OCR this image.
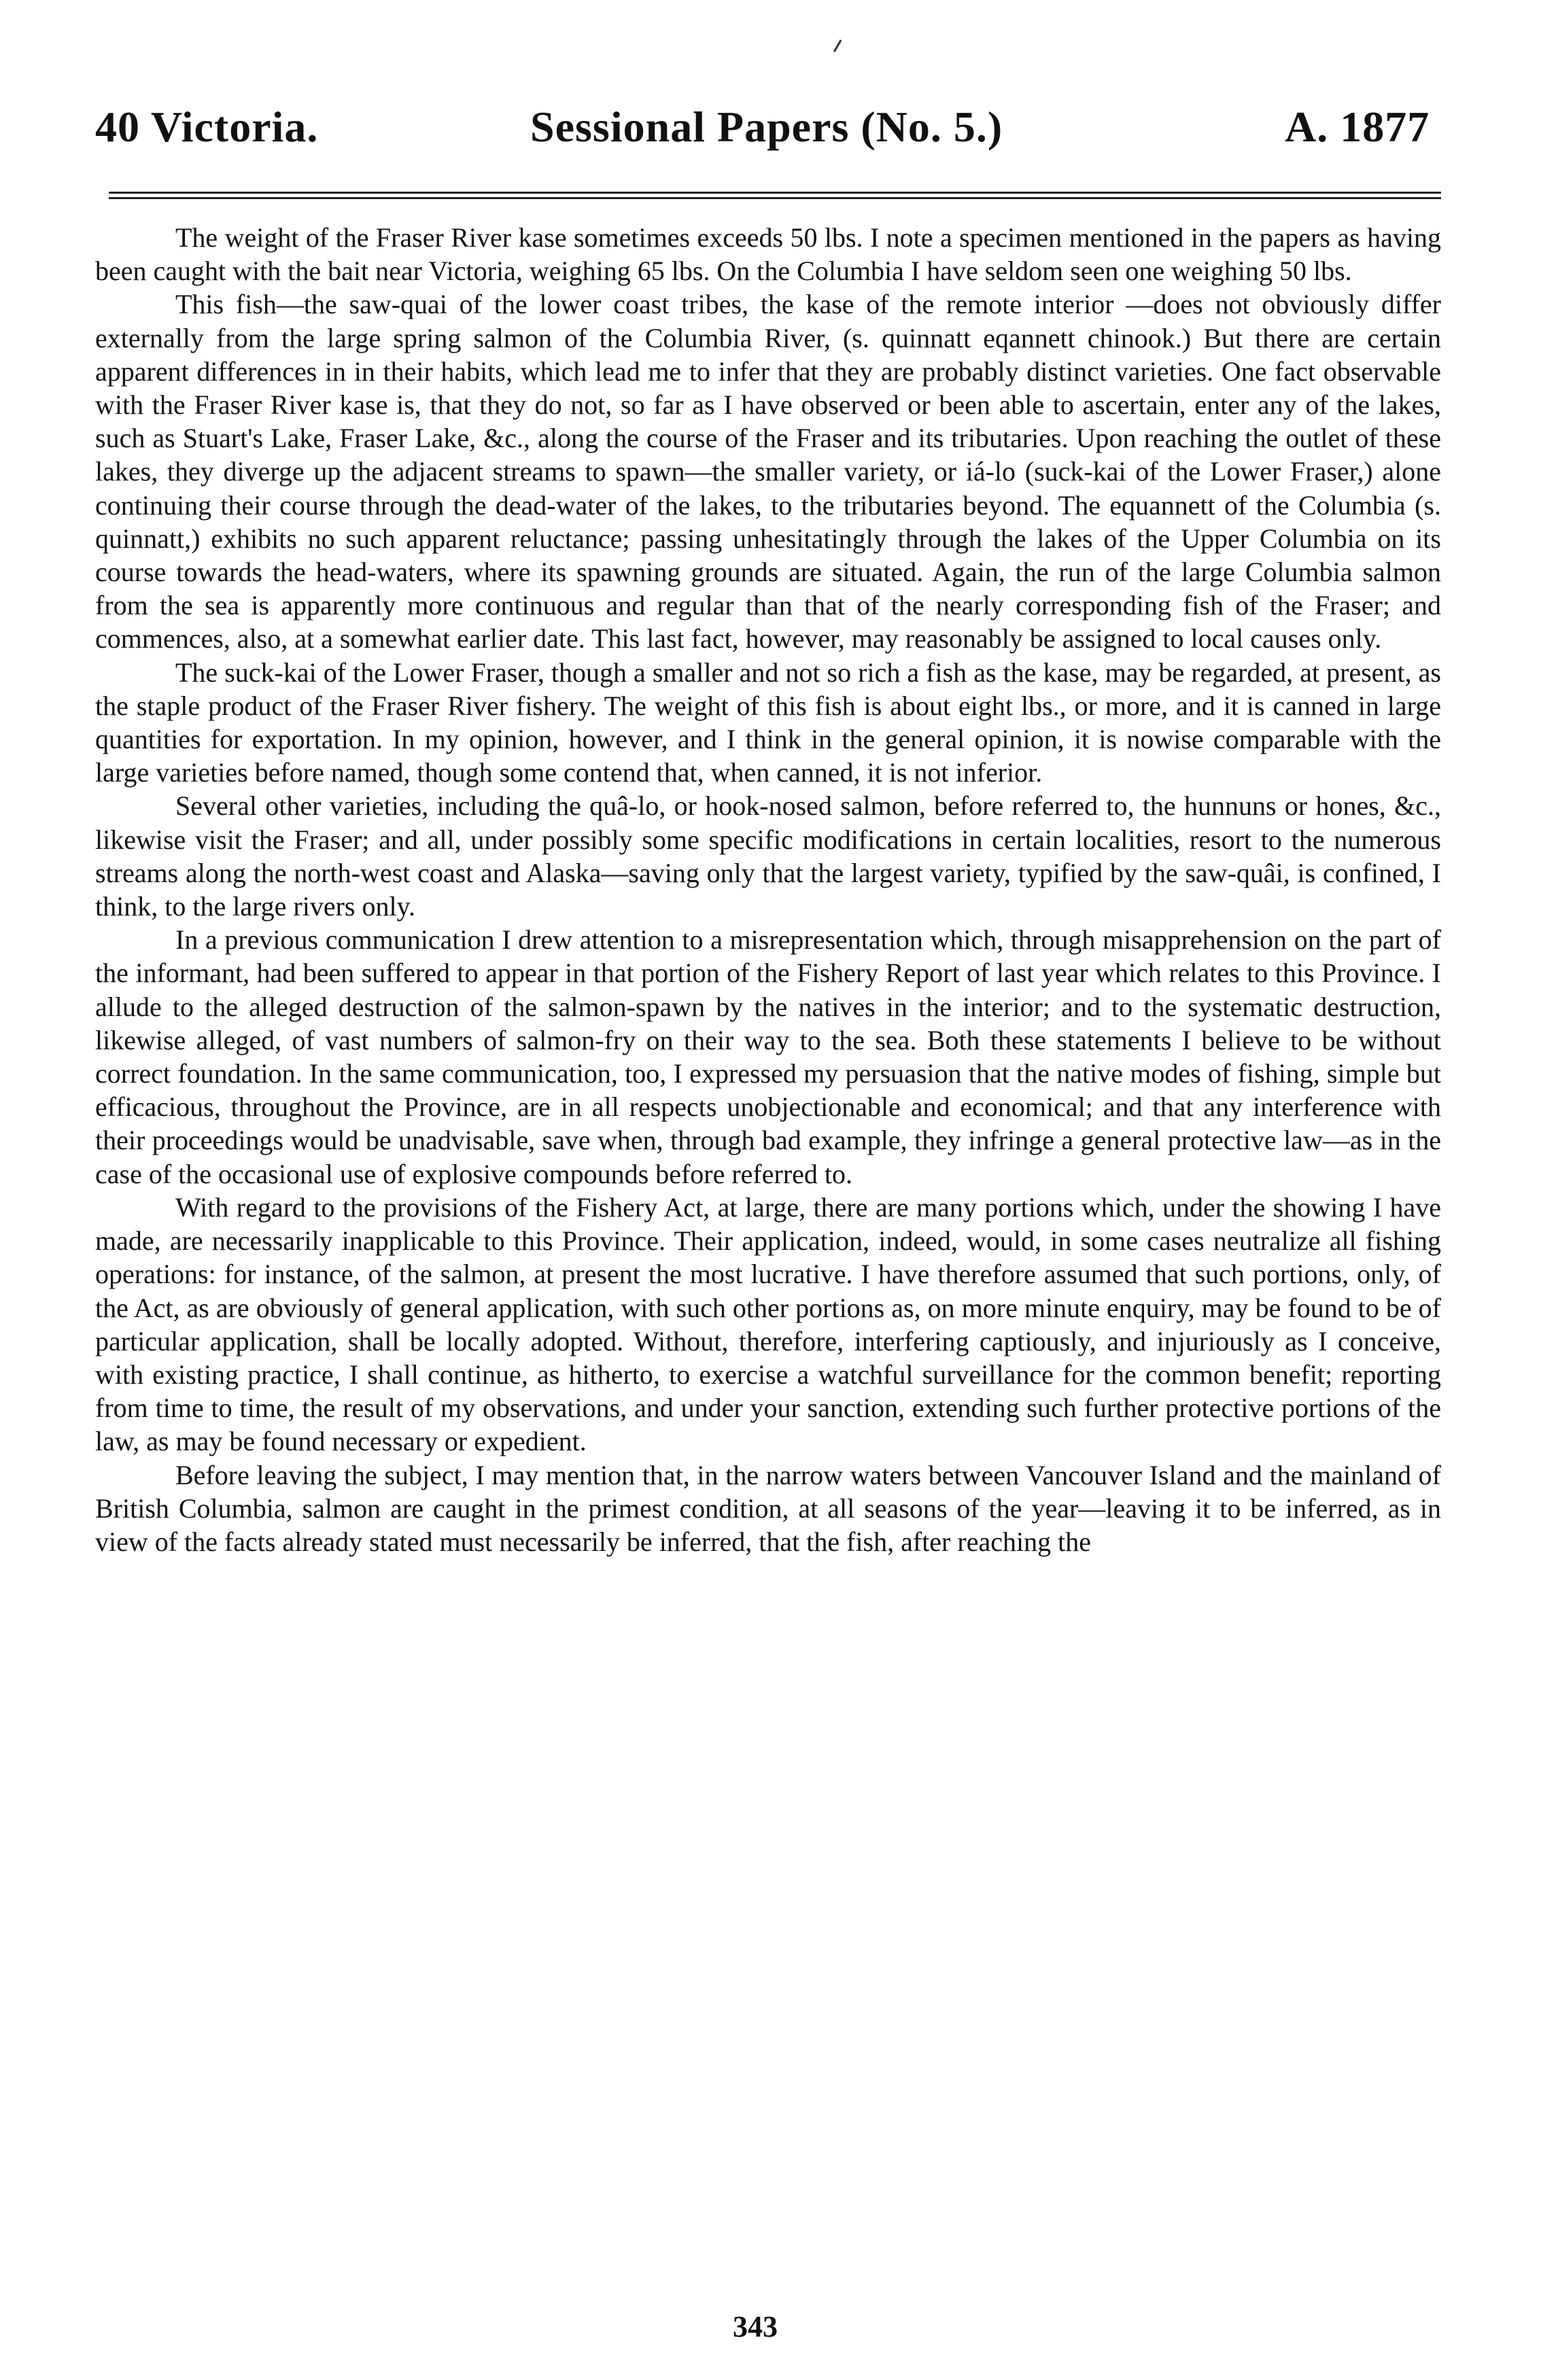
40 Victoria.	Sessional Papers (No. 5.)	A. 1877

The weight of the Fraser River kase sometimes exceeds 50 lbs. I note a specimen mentioned in the papers as having been caught with the bait near Victoria, weighing 65 lbs. On the Columbia I have seldom seen one weighing 50 lbs.

This fish—the saw-quai of the lower coast tribes, the kase of the remote interior —does not obviously differ externally from the large spring salmon of the Columbia River, (s. quinnatt eqannett chinook.) But there are certain apparent differences in in their habits, which lead me to infer that they are probably distinct varieties. One fact observable with the Fraser River kase is, that they do not, so far as I have observed or been able to ascertain, enter any of the lakes, such as Stuart's Lake, Fraser Lake, &c., along the course of the Fraser and its tributaries. Upon reaching the outlet of these lakes, they diverge up the adjacent streams to spawn—the smaller variety, or iá-lo (suck-kai of the Lower Fraser,) alone continuing their course through the dead-water of the lakes, to the tributaries beyond. The equannett of the Columbia (s. quinnatt,) exhibits no such apparent reluctance; passing unhesitatingly through the lakes of the Upper Columbia on its course towards the head-waters, where its spawning grounds are situated. Again, the run of the large Columbia salmon from the sea is apparently more continuous and regular than that of the nearly corresponding fish of the Fraser; and commences, also, at a somewhat earlier date. This last fact, however, may reasonably be assigned to local causes only.

The suck-kai of the Lower Fraser, though a smaller and not so rich a fish as the kase, may be regarded, at present, as the staple product of the Fraser River fishery. The weight of this fish is about eight lbs., or more, and it is canned in large quantities for exportation. In my opinion, however, and I think in the general opinion, it is nowise comparable with the large varieties before named, though some contend that, when canned, it is not inferior.

Several other varieties, including the quâ-lo, or hook-nosed salmon, before referred to, the hunnuns or hones, &c., likewise visit the Fraser; and all, under possibly some specific modifications in certain localities, resort to the numerous streams along the north-west coast and Alaska—saving only that the largest variety, typified by the saw-quâi, is confined, I think, to the large rivers only.

In a previous communication I drew attention to a misrepresentation which, through misapprehension on the part of the informant, had been suffered to appear in that portion of the Fishery Report of last year which relates to this Province. I allude to the alleged destruction of the salmon-spawn by the natives in the interior; and to the systematic destruction, likewise alleged, of vast numbers of salmon-fry on their way to the sea. Both these statements I believe to be without correct foundation. In the same communication, too, I expressed my persuasion that the native modes of fishing, simple but efficacious, throughout the Province, are in all respects unobjectionable and economical; and that any interference with their proceedings would be unadvisable, save when, through bad example, they infringe a general protective law—as in the case of the occasional use of explosive compounds before referred to.

With regard to the provisions of the Fishery Act, at large, there are many portions which, under the showing I have made, are necessarily inapplicable to this Province. Their application, indeed, would, in some cases neutralize all fishing operations: for instance, of the salmon, at present the most lucrative. I have therefore assumed that such portions, only, of the Act, as are obviously of general application, with such other portions as, on more minute enquiry, may be found to be of particular application, shall be locally adopted. Without, therefore, interfering captiously, and injuriously as I conceive, with existing practice, I shall continue, as hitherto, to exercise a watchful surveillance for the common benefit; reporting from time to time, the result of my observations, and under your sanction, extending such further protective portions of the law, as may be found necessary or expedient.

Before leaving the subject, I may mention that, in the narrow waters between Vancouver Island and the mainland of British Columbia, salmon are caught in the primest condition, at all seasons of the year—leaving it to be inferred, as in view of the facts already stated must necessarily be inferred, that the fish, after reaching the

343
